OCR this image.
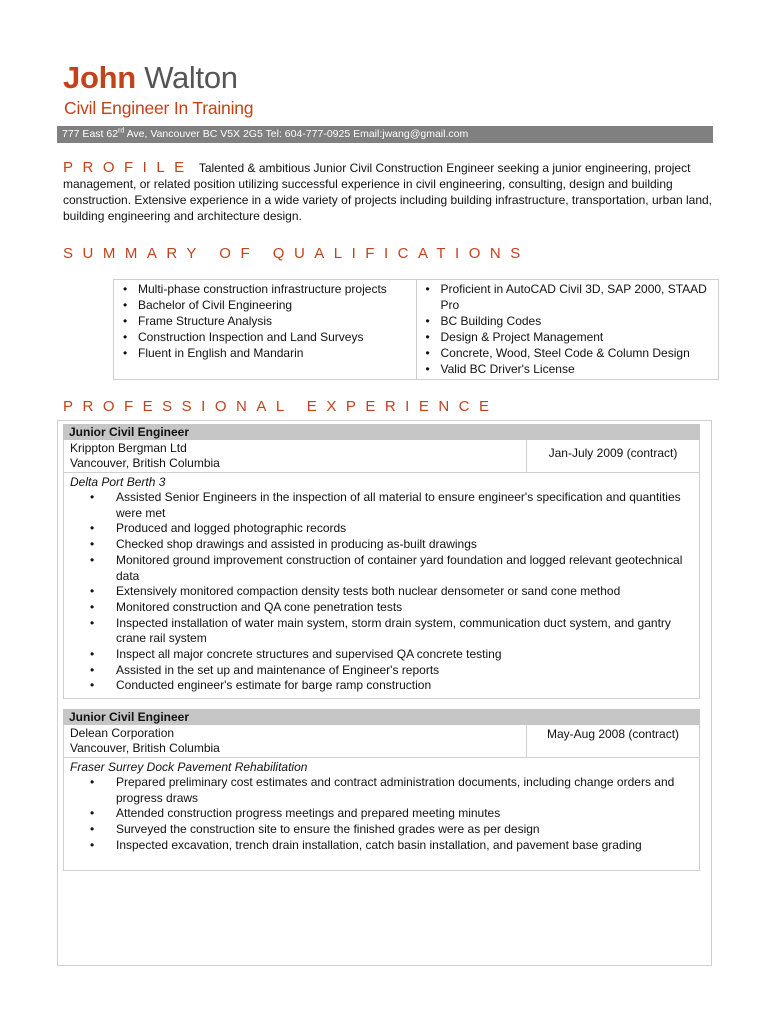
John Walton
Civil Engineer In Training
777 East 62rd Ave, Vancouver BC V5X 2G5 Tel: 604-777-0925 Email:jwang@gmail.com
PROFILE Talented & ambitious Junior Civil Construction Engineer seeking a junior engineering, project management, or related position utilizing successful experience in civil engineering, consulting, design and building construction. Extensive experience in a wide variety of projects including building infrastructure, transportation, urban land, building engineering and architecture design.
SUMMARY OF QUALIFICATIONS
• Multi-phase construction infrastructure projects
• Bachelor of Civil Engineering
• Frame Structure Analysis
• Construction Inspection and Land Surveys
• Fluent in English and Mandarin
• Proficient in AutoCAD Civil 3D, SAP 2000, STAAD Pro
• BC Building Codes
• Design & Project Management
• Concrete, Wood, Steel Code & Column Design
• Valid BC Driver's License
PROFESSIONAL EXPERIENCE
Junior Civil Engineer
Krippton Bergman Ltd
Vancouver, British Columbia
Jan-July 2009 (contract)
Delta Port Berth 3
• Assisted Senior Engineers in the inspection of all material to ensure engineer's specification and quantities were met
• Produced and logged photographic records
• Checked shop drawings and assisted in producing as-built drawings
• Monitored ground improvement construction of container yard foundation and logged relevant geotechnical data
• Extensively monitored compaction density tests both nuclear densometer or sand cone method
• Monitored construction and QA cone penetration tests
• Inspected installation of water main system, storm drain system, communication duct system, and gantry crane rail system
• Inspect all major concrete structures and supervised QA concrete testing
• Assisted in the set up and maintenance of Engineer's reports
• Conducted engineer's estimate for barge ramp construction
Junior Civil Engineer
Delean Corporation
Vancouver, British Columbia
May-Aug 2008 (contract)
Fraser Surrey Dock Pavement Rehabilitation
• Prepared preliminary cost estimates and contract administration documents, including change orders and progress draws
• Attended construction progress meetings and prepared meeting minutes
• Surveyed the construction site to ensure the finished grades were as per design
• Inspected excavation, trench drain installation, catch basin installation, and pavement base grading
